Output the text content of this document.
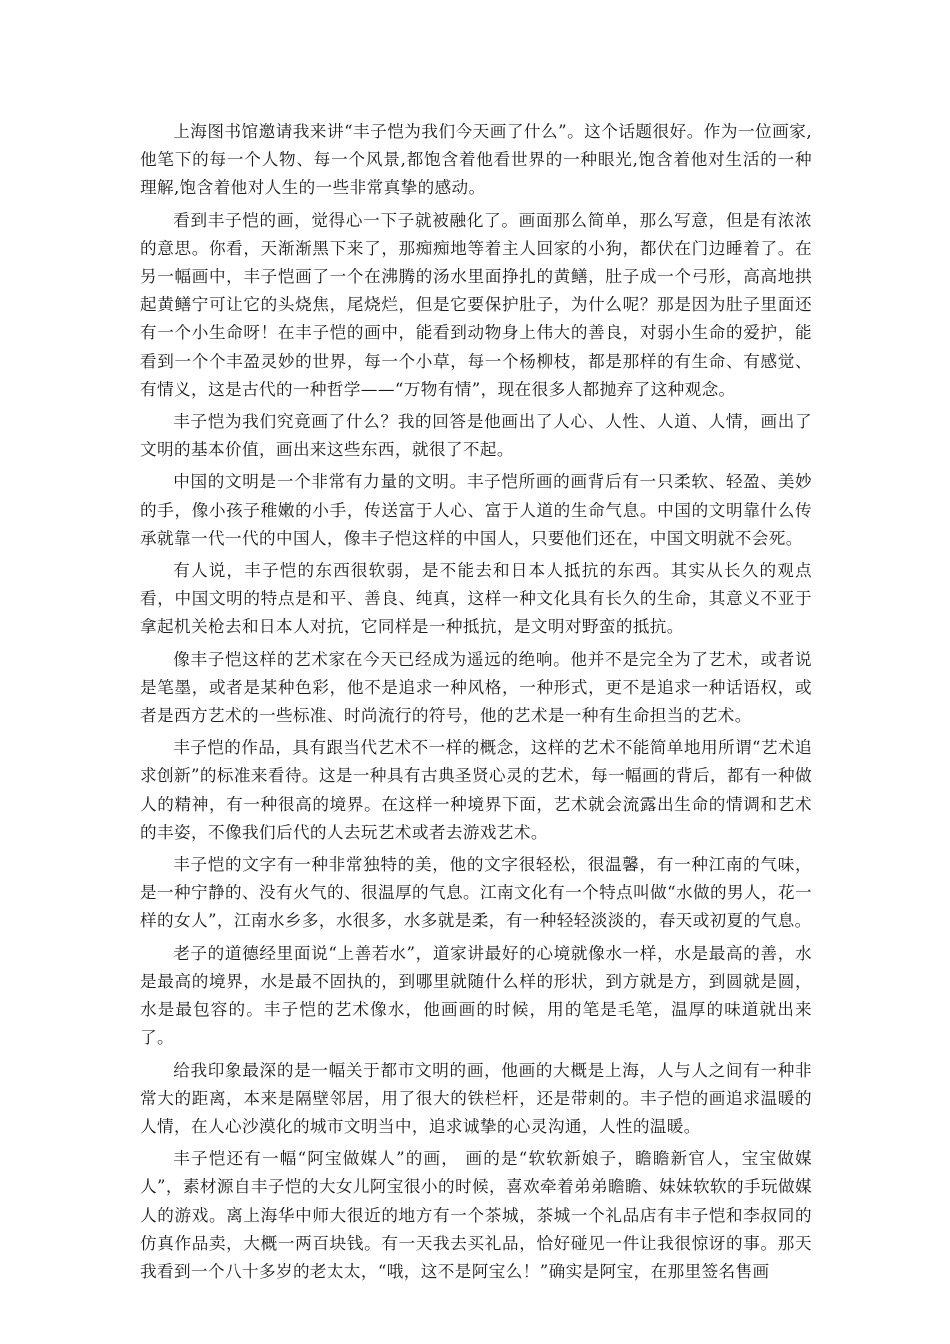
上海图书馆邀请我来讲“丰子恺为我们今天画了什么”。这个话题很好。作为一位画家,他笔下的每一个人物、每一个风景,都饱含着他看世界的一种眼光,饱含着他对生活的一种理解,饱含着他对人生的一些非常真挚的感动。

看到丰子恺的画，觉得心一下子就被融化了。画面那么简单，那么写意，但是有浓浓的意思。你看，天渐渐黑下来了，那痴痴地等着主人回家的小狗，都伏在门边睡着了。在另一幅画中，丰子恺画了一个在沸腾的汤水里面挣扎的黄鳝，肚子成一个弓形，高高地拱起黄鳝宁可让它的头烧焦，尾烧烂，但是它要保护肚子，为什么呢？那是因为肚子里面还有一个小生命呀！在丰子恺的画中，能看到动物身上伟大的善良，对弱小生命的爱护，能看到一个个丰盈灵妙的世界，每一个小草，每一个杨柳枝，都是那样的有生命、有感觉、有情义，这是古代的一种哲学——“万物有情”，现在很多人都抛弃了这种观念。

丰子恺为我们究竟画了什么？我的回答是他画出了人心、人性、人道、人情，画出了文明的基本价值，画出来这些东西，就很了不起。

中国的文明是一个非常有力量的文明。丰子恺所画的画背后有一只柔软、轻盈、美妙的手，像小孩子稚嫩的小手，传送富于人心、富于人道的生命气息。中国的文明靠什么传承就靠一代一代的中国人，像丰子恺这样的中国人，只要他们还在，中国文明就不会死。

有人说，丰子恺的东西很软弱，是不能去和日本人抵抗的东西。其实从长久的观点看，中国文明的特点是和平、善良、纯真，这样一种文化具有长久的生命，其意义不亚于拿起机关枪去和日本人对抗，它同样是一种抵抗，是文明对野蛮的抵抗。

像丰子恺这样的艺术家在今天已经成为遥远的绝响。他并不是完全为了艺术，或者说是笔墨，或者是某种色彩，他不是追求一种风格，一种形式，更不是追求一种话语权，或者是西方艺术的一些标准、时尚流行的符号，他的艺术是一种有生命担当的艺术。

丰子恺的作品，具有跟当代艺术不一样的概念，这样的艺术不能简单地用所谓“艺术追求创新”的标准来看待。这是一种具有古典圣贤心灵的艺术，每一幅画的背后，都有一种做人的精神，有一种很高的境界。在这样一种境界下面，艺术就会流露出生命的情调和艺术的丰姿，不像我们后代的人去玩艺术或者去游戏艺术。

丰子恺的文字有一种非常独特的美，他的文字很轻松，很温馨，有一种江南的气味，是一种宁静的、没有火气的、很温厚的气息。江南文化有一个特点叫做“水做的男人，花一样的女人”，江南水乡多，水很多，水多就是柔，有一种轻轻淡淡的，春天或初夏的气息。

老子的道德经里面说“上善若水”，道家讲最好的心境就像水一样，水是最高的善，水是最高的境界，水是最不固执的，到哪里就随什么样的形状，到方就是方，到圆就是圆，水是最包容的。丰子恺的艺术像水，他画画的时候，用的笔是毛笔，温厚的味道就出来了。

给我印象最深的是一幅关于都市文明的画，他画的大概是上海，人与人之间有一种非常大的距离，本来是隔壁邻居，用了很大的铁栏杆，还是带刺的。丰子恺的画追求温暖的人情，在人心沙漠化的城市文明当中，追求诚挚的心灵沟通，人性的温暖。

丰子恺还有一幅“阿宝做媒人”的画， 画的是“软软新娘子，瞻瞻新官人，宝宝做媒人”，素材源自丰子恺的大女儿阿宝很小的时候，喜欢牵着弟弟瞻瞻、妹妹软软的手玩做媒人的游戏。离上海华中师大很近的地方有一个茶城，茶城一个礼品店有丰子恺和李叔同的仿真作品卖，大概一两百块钱。有一天我去买礼品，恰好碰见一件让我很惊讶的事。那天我看到一个八十多岁的老太太，“哦，这不是阿宝么！”确实是阿宝，在那里签名售画
